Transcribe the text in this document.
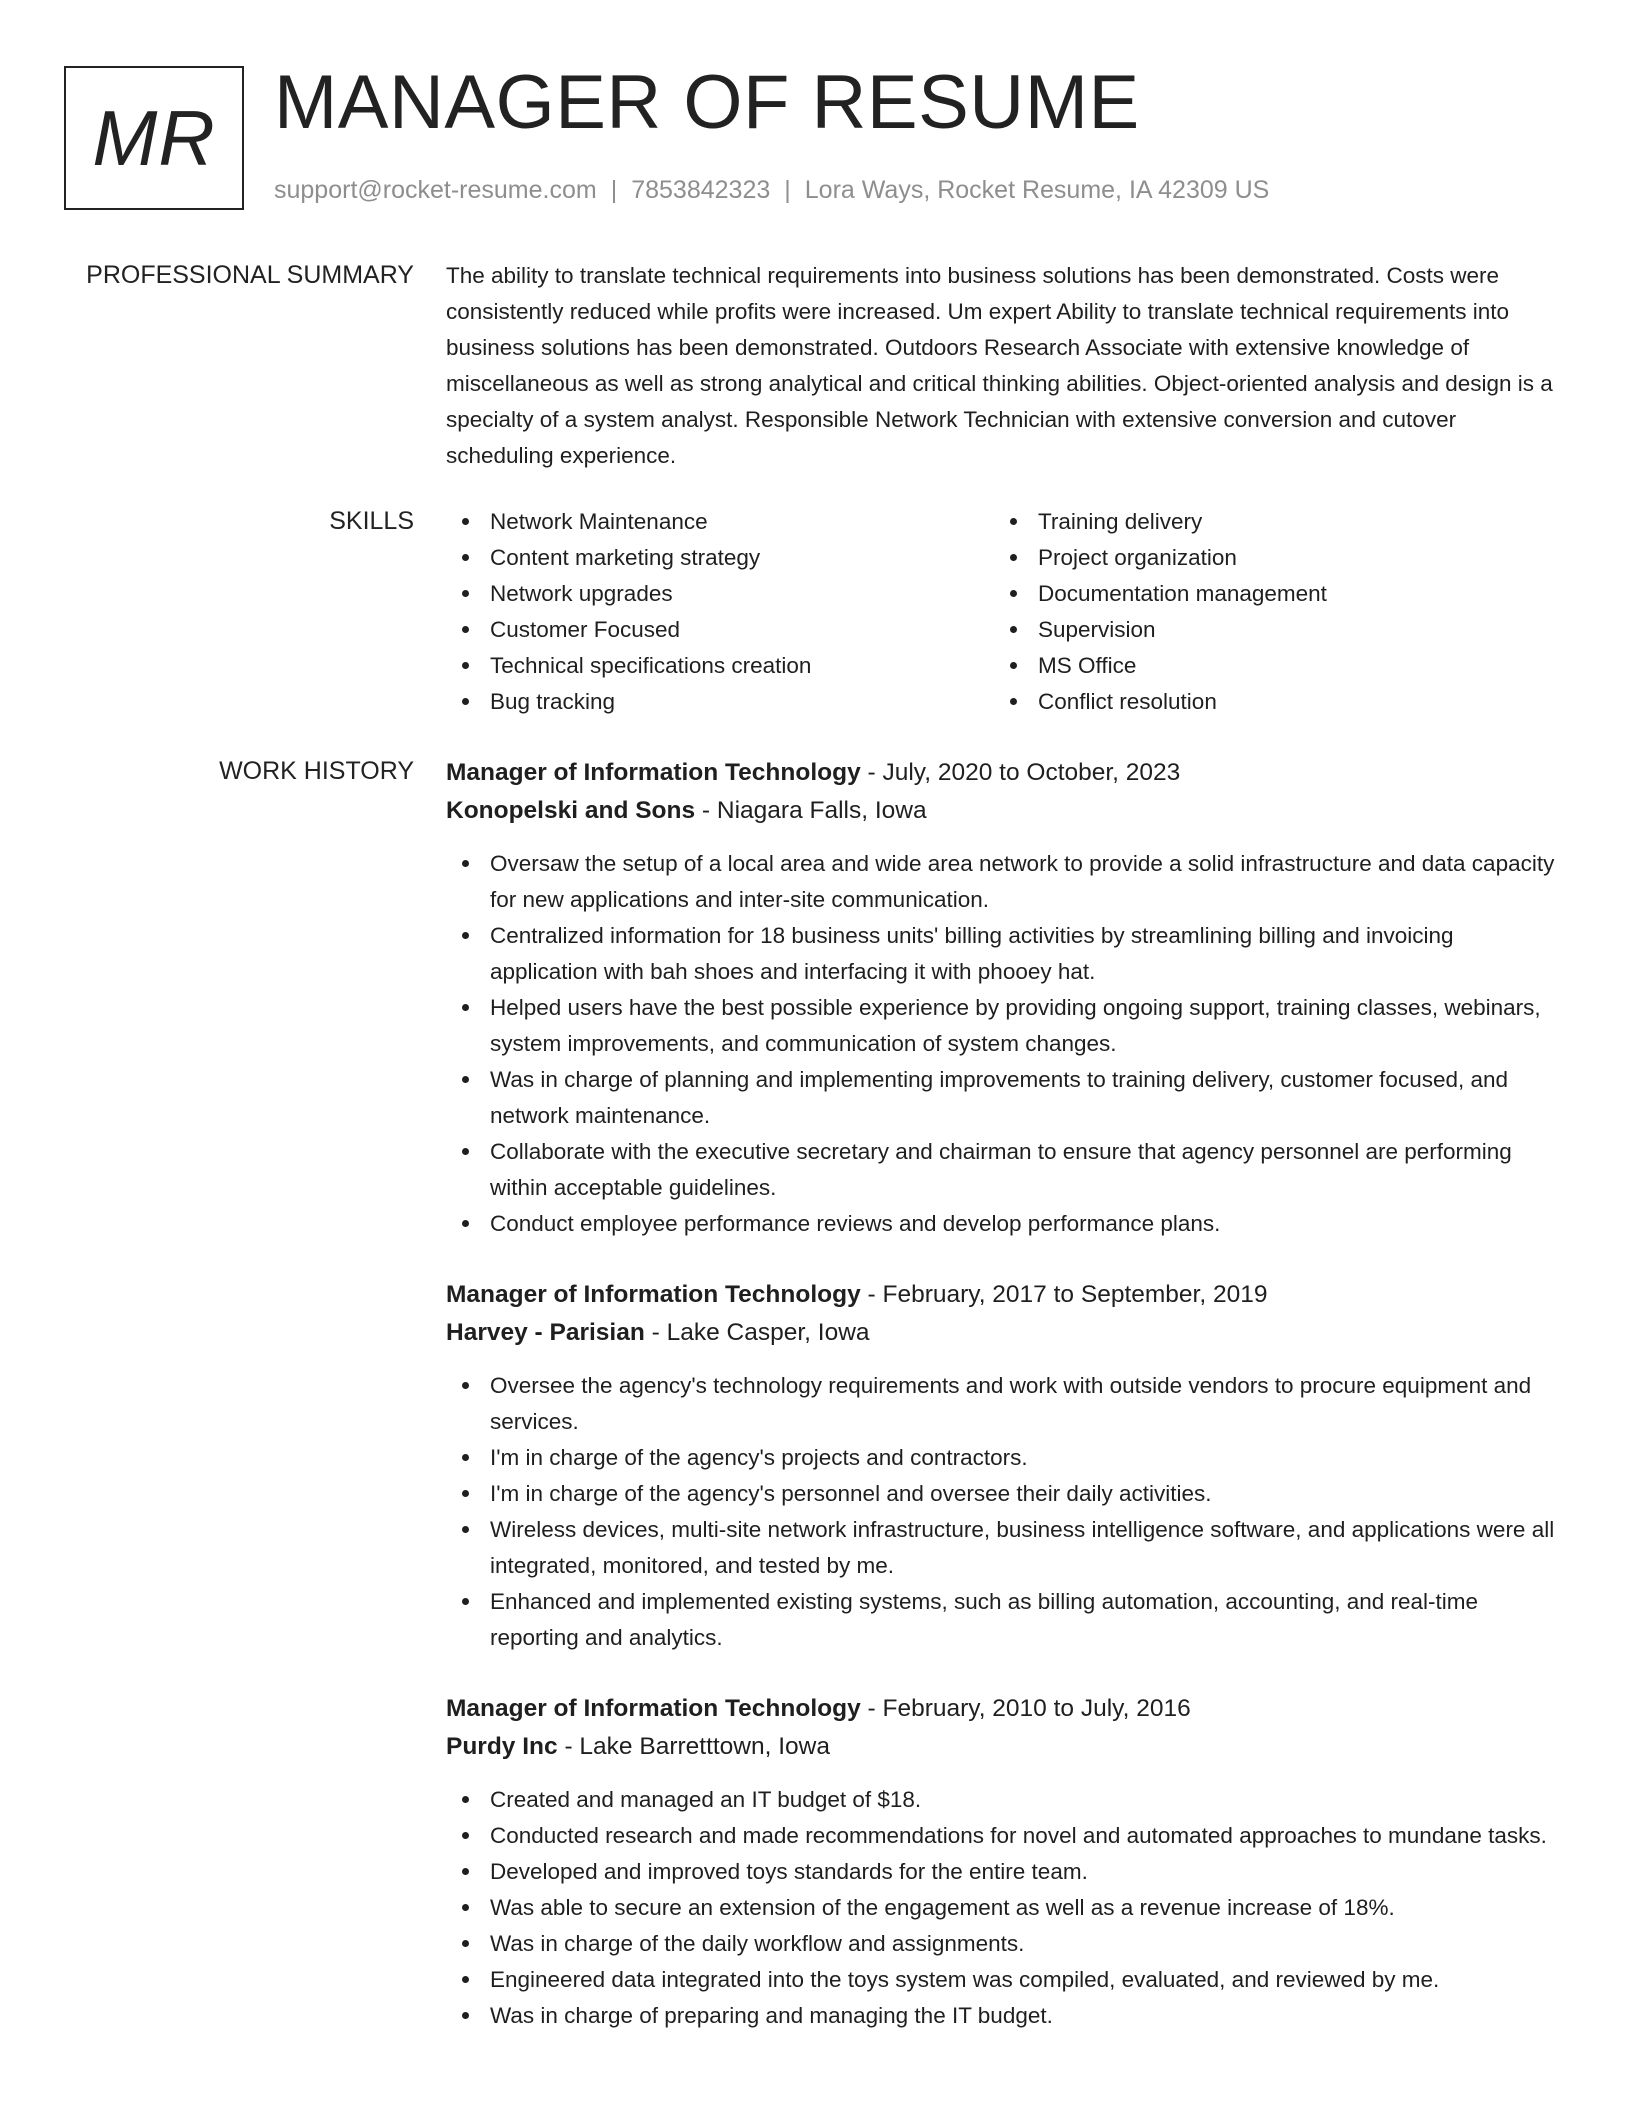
MR MANAGER OF RESUME
support@rocket-resume.com | 7853842323 | Lora Ways, Rocket Resume, IA 42309 US
PROFESSIONAL SUMMARY The ability to translate technical requirements into business solutions has been demonstrated. Costs were consistently reduced while profits were increased. Um expert Ability to translate technical requirements into business solutions has been demonstrated. Outdoors Research Associate with extensive knowledge of miscellaneous as well as strong analytical and critical thinking abilities. Object-oriented analysis and design is a specialty of a system analyst. Responsible Network Technician with extensive conversion and cutover scheduling experience.
SKILLS	Network Maintenance
Content marketing strategy
Network upgrades
Customer Focused
Technical specifications creation
Bug tracking
Training delivery
Project organization
Documentation management
Supervision
MS Office
Conflict resolution
WORK HISTORY Manager of Information Technology - July, 2020 to October, 2023
Konopelski and Sons - Niagara Falls, Iowa
Oversaw the setup of a local area and wide area network to provide a solid infrastructure and data capacity for new applications and inter-site communication.
Centralized information for 18 business units' billing activities by streamlining billing and invoicing application with bah shoes and interfacing it with phooey hat.
Helped users have the best possible experience by providing ongoing support, training classes, webinars, system improvements, and communication of system changes.
Was in charge of planning and implementing improvements to training delivery, customer focused, and network maintenance.
Collaborate with the executive secretary and chairman to ensure that agency personnel are performing within acceptable guidelines.
Conduct employee performance reviews and develop performance plans.
Manager of Information Technology - February, 2017 to September, 2019
Harvey - Parisian - Lake Casper, Iowa
Oversee the agency's technology requirements and work with outside vendors to procure equipment and services.
I'm in charge of the agency's projects and contractors.
I'm in charge of the agency's personnel and oversee their daily activities.
Wireless devices, multi-site network infrastructure, business intelligence software, and applications were all integrated, monitored, and tested by me.
Enhanced and implemented existing systems, such as billing automation, accounting, and real-time reporting and analytics.
Manager of Information Technology - February, 2010 to July, 2016
Purdy Inc - Lake Barretttown, Iowa
Created and managed an IT budget of $18.
Conducted research and made recommendations for novel and automated approaches to mundane tasks.
Developed and improved toys standards for the entire team.
Was able to secure an extension of the engagement as well as a revenue increase of 18%.
Was in charge of the daily workflow and assignments.
Engineered data integrated into the toys system was compiled, evaluated, and reviewed by me.
Was in charge of preparing and managing the IT budget.
